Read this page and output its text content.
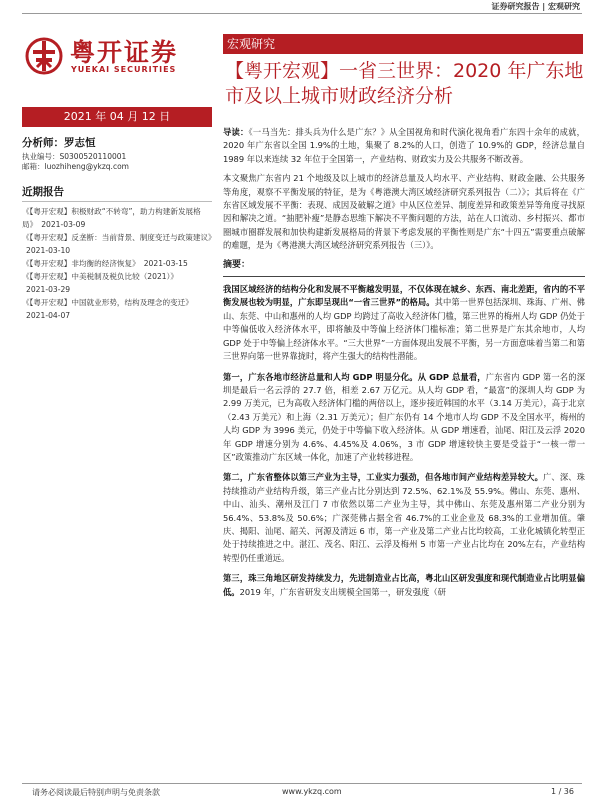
证券研究报告 | 宏观研究
粤开证券
YUEKAI SECURITIES
宏观研究
【粤开宏观】一省三世界：2020 年广东地市及以上城市财政经济分析
2021 年 04 月 12 日
分析师：罗志恒
执业编号：S0300520110001
邮箱：luozhiheng@ykzq.com
近期报告
《【粤开宏观】积极财政“不转弯”，助力构建新发展格局》 2021-03-09
《【粤开宏观】反垄断：当前背景、制度变迁与政策建议》2021-03-10
《【粤开宏观】非均衡的经济恢复》 2021-03-15
《【粤开宏观】中美税制及税负比较（2021）》2021-03-29
《【粤开宏观】中国就业形势，结构及理念的变迁》2021-04-07

导读：《一马当先：排头兵为什么是广东？》从全国视角和时代演化视角看广东四十余年的成就，2020 年广东省以全国 1.9%的土地，集聚了 8.2%的人口，创造了 10.9%的 GDP，经济总量自 1989 年以来连续 32 年位于全国第一，产业结构、财政实力及公共服务不断改善。

本文聚焦广东省内 21 个地级及以上城市的经济总量及人均水平、产业结构、财政金融、公共服务等角度，观察不平衡发展的特征，是为《粤港澳大湾区域经济研究系列报告（二）》；其后将在《广东省区域发展不平衡：表现、成因及破解之道》中从区位差异、制度差异和政策差异等角度寻找原因和解决之道。“抽肥补瘦”是静态思维下解决不平衡问题的方法，站在人口流动、乡村振兴、都市圈城市圈群发展和加快构建新发展格局的背景下考虑发展的平衡性则是广东“十四五”需要重点破解的难题，是为《粤港澳大湾区域经济研究系列报告（三）》。

摘要：

我国区域经济的结构分化和发展不平衡越发明显，不仅体现在城乡、东西、南北差距，省内的不平衡发展也较为明显，广东即呈现出“一省三世界”的格局。其中第一世界包括深圳、珠海、广州、佛山、东莞、中山和惠州的人均 GDP 均跨过了高收入经济体门槛，第三世界的梅州人均 GDP 仍处于中等偏低收入经济体水平，即将触及中等偏上经济体门槛标准；第二世界是广东其余地市，人均 GDP 处于中等偏上经济体水平。“三大世界”一方面体现出发展不平衡，另一方面意味着当第二和第三世界向第一世界靠拢时，将产生强大的结构性潜能。

第一，广东各地市经济总量和人均 GDP 明显分化。从 GDP 总量看，广东省内 GDP 第一名的深圳是最后一名云浮的 27.7 倍，相差 2.67 万亿元。从人均 GDP 看，“最富”的深圳人均 GDP 为 2.99 万美元，已为高收入经济体门槛的两倍以上，逐步接近韩国的水平（3.14 万美元），高于北京（2.43 万美元）和上海（2.31 万美元）；但广东仍有 14 个地市人均 GDP 不及全国水平，梅州的人均 GDP 为 3996 美元，仍处于中等偏下收入经济体。从 GDP 增速看，汕尾、阳江及云浮 2020 年 GDP 增速分别为 4.6%、4.45%及 4.06%，3 市 GDP 增速较快主要是受益于“一核一带一区”政策推动广东区域一体化，加速了产业转移进程。

第二，广东省整体以第三产业为主导，工业实力强劲，但各地市间产业结构差异较大。广、深、珠持续推动产业结构升级，第三产业占比分别达到 72.5%、62.1%及 55.9%。佛山、东莞、惠州、中山、汕头、潮州及江门 7 市依然以第二产业为主导，其中佛山、东莞及惠州第二产业分别为 56.4%、53.8%及 50.6%；广深莞佛占据全省 46.7%的工业企业及 68.3%的工业增加值。肇庆、揭阳、汕尾、韶关、河源及清远 6 市，第一产业及第二产业占比均较高，工业化城镇化转型正处于持续推进之中。湛江、茂名、阳江、云浮及梅州 5 市第一产业占比均在 20%左右，产业结构转型仍任重道远。

第三，珠三角地区研发持续发力，先进制造业占比高，粤北山区研发强度和现代制造业占比明显偏低。2019 年，广东省研发支出规模全国第一，研发强度（研

请务必阅读最后特别声明与免责条款	www.ykzq.com	1 / 36
